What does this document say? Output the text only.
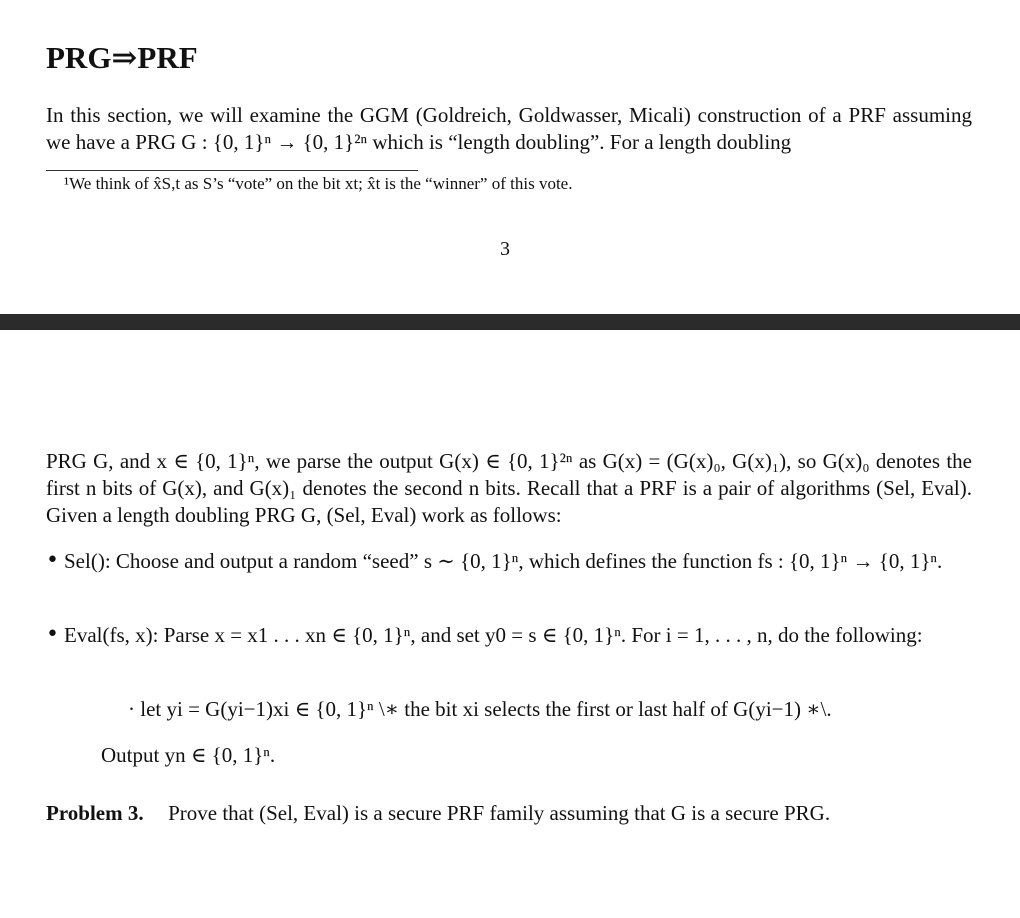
PRG⇒PRF
In this section, we will examine the GGM (Goldreich, Goldwasser, Micali) construction of a PRF assuming we have a PRG G : {0, 1}ⁿ → {0, 1}²ⁿ which is “length doubling”. For a length doubling
¹We think of x̂S,t as S’s “vote” on the bit xt; x̂t is the “winner” of this vote.
3
PRG G, and x ∈ {0, 1}ⁿ, we parse the output G(x) ∈ {0, 1}²ⁿ as G(x) = (G(x)₀, G(x)₁), so G(x)₀ denotes the first n bits of G(x), and G(x)₁ denotes the second n bits. Recall that a PRF is a pair of algorithms (Sel, Eval). Given a length doubling PRG G, (Sel, Eval) work as follows:
• Sel(): Choose and output a random “seed” s ∼ {0, 1}ⁿ, which defines the function fs : {0, 1}ⁿ → {0, 1}ⁿ.
• Eval(fs, x): Parse x = x1 . . . xn ∈ {0, 1}ⁿ, and set y0 = s ∈ {0, 1}ⁿ. For i = 1, . . . , n, do the following:
· let yi = G(yi−1)xi ∈ {0, 1}ⁿ \∗ the bit xi selects the first or last half of G(yi−1) ∗\.
Output yn ∈ {0, 1}ⁿ.
Problem 3. Prove that (Sel, Eval) is a secure PRF family assuming that G is a secure PRG.
